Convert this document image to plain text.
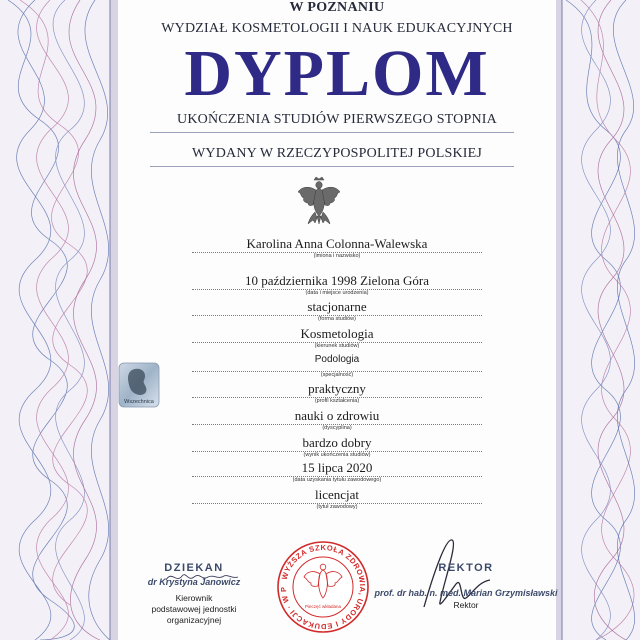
W POZNANIU
WYDZIAŁ KOSMETOLOGII I NAUK EDUKACYJNYCH
DYPLOM
UKOŃCZENIA STUDIÓW PIERWSZEGO STOPNIA
WYDANY W RZECZYPOSPOLITEJ POLSKIEJ
Karolina Anna Colonna-Walewska
(imiona i nazwisko)
10 października 1998 Zielona Góra
(data i miejsce urodzenia)
stacjonarne
(forma studiów)
Kosmetologia
(kierunek studiów)
Podologia
(specjalność)
praktyczny
(profil kształcenia)
nauki o zdrowiu
(dyscyplina)
bardzo dobry
(wynik ukończenia studiów)
15 lipca 2020
(data uzyskania tytułu zawodowego)
licencjat
(tytuł zawodowy)
Wszechnica
DZIEKAN
dr Krystyna Janowicz
Kierownik
podstawowej jednostki organizacyjnej
WYŻSZA SZKOŁA ZDROWIA, URODY I EDUKACJI · W P
Pieczęć wkładana
REKTOR
prof. dr hab. n. med. Marian Grzymisławski
Rektor
